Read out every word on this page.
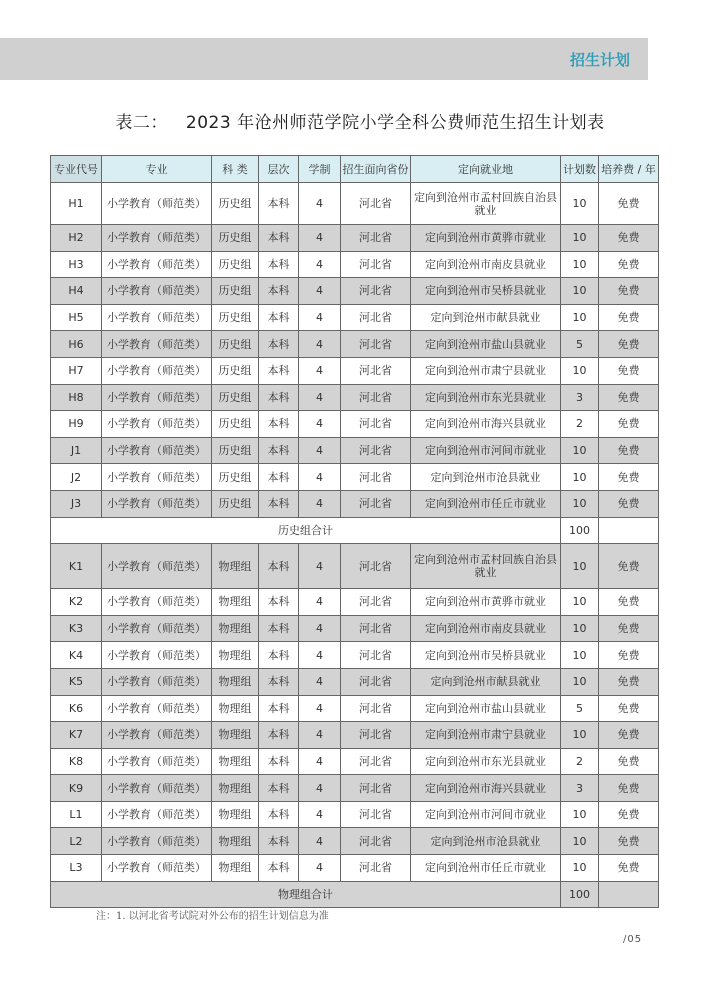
招生计划
表二： 2023 年沧州师范学院小学全科公费师范生招生计划表
专业代号	专业	科 类	层次	学制	招生面向省份	定向就业地	计划数	培养费 / 年
H1	小学教育（师范类）	历史组	本科	4	河北省	定向到沧州市孟村回族自治县就业	10	免费
H2	小学教育（师范类）	历史组	本科	4	河北省	定向到沧州市黄骅市就业	10	免费
H3	小学教育（师范类）	历史组	本科	4	河北省	定向到沧州市南皮县就业	10	免费
H4	小学教育（师范类）	历史组	本科	4	河北省	定向到沧州市吴桥县就业	10	免费
H5	小学教育（师范类）	历史组	本科	4	河北省	定向到沧州市献县就业	10	免费
H6	小学教育（师范类）	历史组	本科	4	河北省	定向到沧州市盐山县就业	5	免费
H7	小学教育（师范类）	历史组	本科	4	河北省	定向到沧州市肃宁县就业	10	免费
H8	小学教育（师范类）	历史组	本科	4	河北省	定向到沧州市东光县就业	3	免费
H9	小学教育（师范类）	历史组	本科	4	河北省	定向到沧州市海兴县就业	2	免费
J1	小学教育（师范类）	历史组	本科	4	河北省	定向到沧州市河间市就业	10	免费
J2	小学教育（师范类）	历史组	本科	4	河北省	定向到沧州市沧县就业	10	免费
J3	小学教育（师范类）	历史组	本科	4	河北省	定向到沧州市任丘市就业	10	免费
历史组合计							100	
K1	小学教育（师范类）	物理组	本科	4	河北省	定向到沧州市孟村回族自治县就业	10	免费
K2	小学教育（师范类）	物理组	本科	4	河北省	定向到沧州市黄骅市就业	10	免费
K3	小学教育（师范类）	物理组	本科	4	河北省	定向到沧州市南皮县就业	10	免费
K4	小学教育（师范类）	物理组	本科	4	河北省	定向到沧州市吴桥县就业	10	免费
K5	小学教育（师范类）	物理组	本科	4	河北省	定向到沧州市献县就业	10	免费
K6	小学教育（师范类）	物理组	本科	4	河北省	定向到沧州市盐山县就业	5	免费
K7	小学教育（师范类）	物理组	本科	4	河北省	定向到沧州市肃宁县就业	10	免费
K8	小学教育（师范类）	物理组	本科	4	河北省	定向到沧州市东光县就业	2	免费
K9	小学教育（师范类）	物理组	本科	4	河北省	定向到沧州市海兴县就业	3	免费
L1	小学教育（师范类）	物理组	本科	4	河北省	定向到沧州市河间市就业	10	免费
L2	小学教育（师范类）	物理组	本科	4	河北省	定向到沧州市沧县就业	10	免费
L3	小学教育（师范类）	物理组	本科	4	河北省	定向到沧州市任丘市就业	10	免费
物理组合计							100	
注：1. 以河北省考试院对外公布的招生计划信息为准
/05
